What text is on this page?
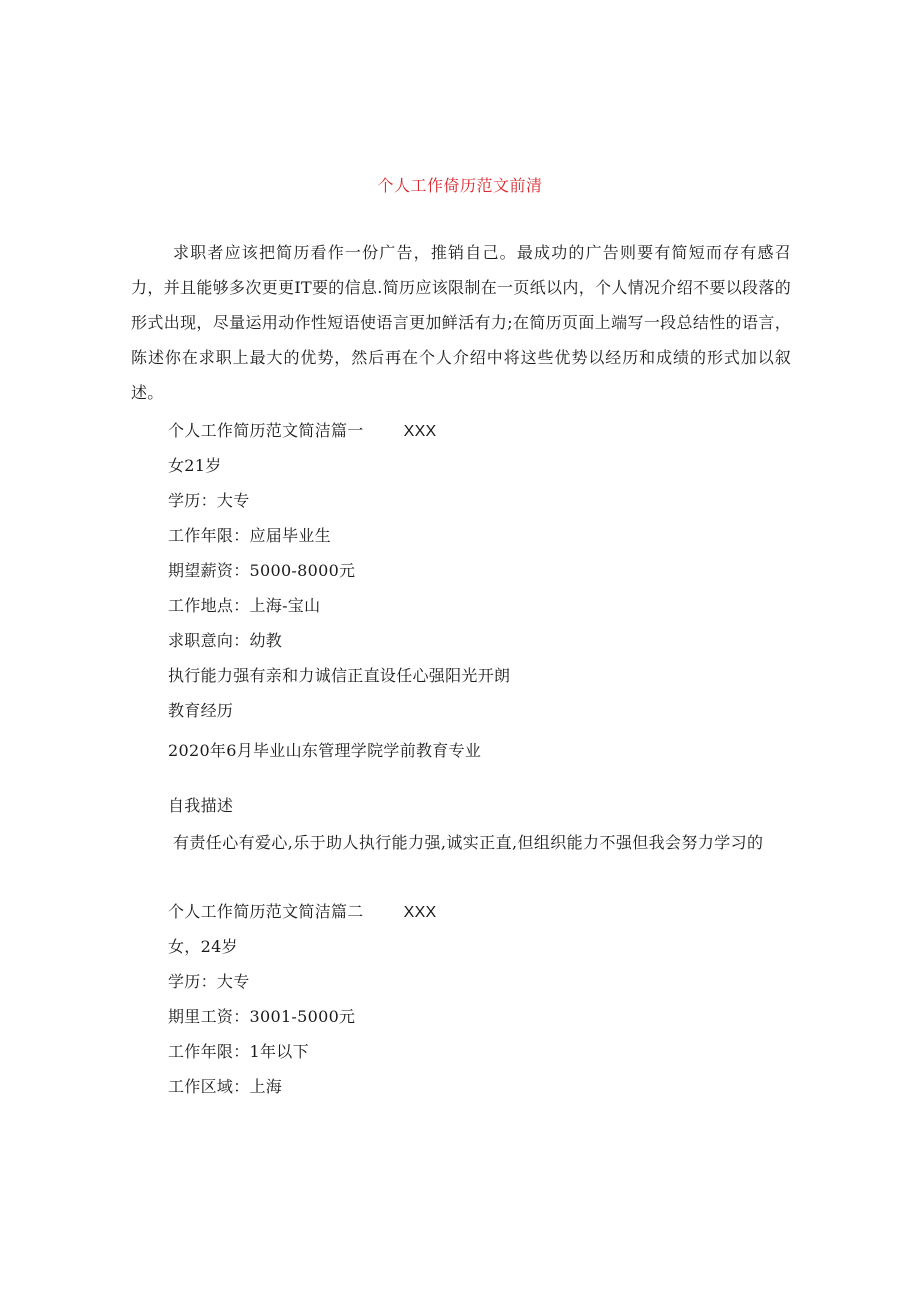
个人工作倚历范文前清
求职者应该把简历看作一份广告，推销自己。最成功的广告则要有简短而存有感召力，并且能够多次更更IT要的信息.简历应该限制在一页纸以内，个人情况介绍不要以段落的形式出现，尽量运用动作性短语使语言更加鲜活有力;在简历页面上端写一段总结性的语言，陈述你在求职上最大的优势，然后再在个人介绍中将这些优势以经历和成绩的形式加以叙述。
个人工作简历范文简洁篇一	XXX
女21岁
学历：大专
工作年限：应届毕业生
期望薪资：5000-8000元
工作地点：上海-宝山
求职意向：幼教
执行能力强有亲和力诚信正直设任心强阳光开朗
教育经历
2020年6月毕业山东管理学院学前教育专业
自我描述
有责任心有爱心,乐于助人执行能力强,诚实正直,但组织能力不强但我会努力学习的
个人工作简历范文简洁篇二	XXX
女，24岁
学历：大专
期里工资：3001-5000元
工作年限：1年以下
工作区域：上海
